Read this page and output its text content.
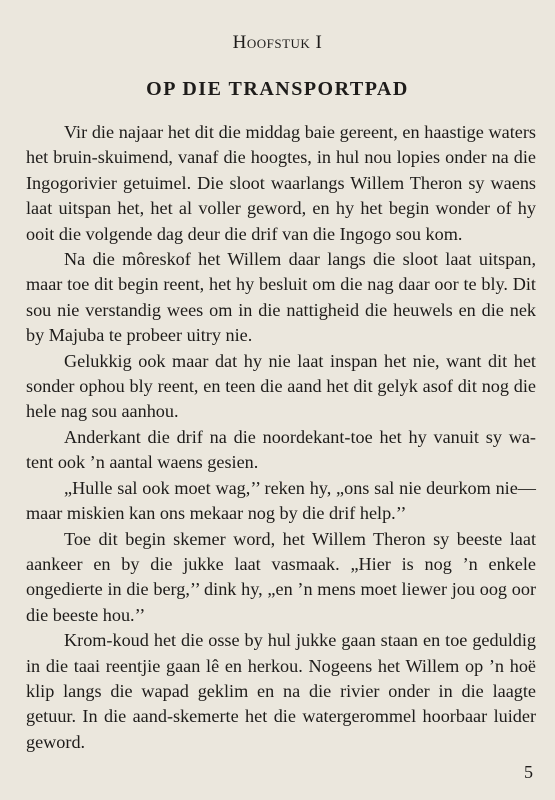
Hoofstuk I
OP DIE TRANSPORTPAD

Vir die najaar het dit die middag baie gereent, en haastige waters het bruin-skuimend, vanaf die hoogtes, in hul nou lopies onder na die Ingogorivier getuimel. Die sloot waarlangs Willem Theron sy waens laat uitspan het, het al voller geword, en hy het begin wonder of hy ooit die volgende dag deur die drif van die Ingogo sou kom.

Na die môreskof het Willem daar langs die sloot laat uitspan, maar toe dit begin reent, het hy besluit om die nag daar oor te bly. Dit sou nie verstandig wees om in die nattigheid die heuwels en die nek by Majuba te probeer uitry nie.

Gelukkig ook maar dat hy nie laat inspan het nie, want dit het sonder ophou bly reent, en teen die aand het dit gelyk asof dit nog die hele nag sou aanhou.

Anderkant die drif na die noordekant-toe het hy vanuit sy wa-tent ook ’n aantal waens gesien.

„Hulle sal ook moet wag,’’ reken hy, „ons sal nie deurkom nie—maar miskien kan ons mekaar nog by die drif help.’’

Toe dit begin skemer word, het Willem Theron sy beeste laat aankeer en by die jukke laat vasmaak. „Hier is nog ’n enkele ongedierte in die berg,’’ dink hy, „en ’n mens moet liewer jou oog oor die beeste hou.’’

Krom-koud het die osse by hul jukke gaan staan en toe geduldig in die taai reentjie gaan lê en herkou. Nogeens het Willem op ’n hoë klip langs die wapad geklim en na die rivier onder in die laagte getuur. In die aand-skemerte het die watergerommel hoorbaar luider geword.

5
